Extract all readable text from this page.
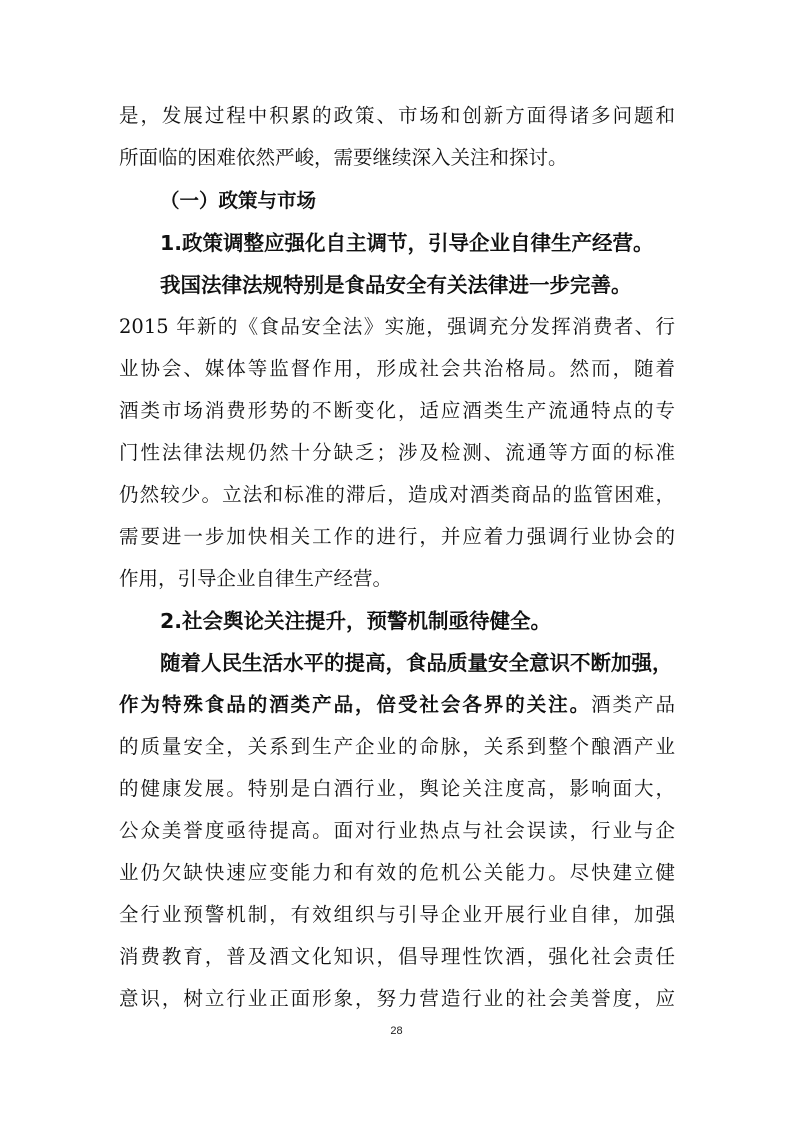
是，发展过程中积累的政策、市场和创新方面得诸多问题和
所面临的困难依然严峻，需要继续深入关注和探讨。
（一）政策与市场
1.政策调整应强化自主调节，引导企业自律生产经营。
我国法律法规特别是食品安全有关法律进一步完善。
2015 年新的《食品安全法》实施，强调充分发挥消费者、行
业协会、媒体等监督作用，形成社会共治格局。然而，随着
酒类市场消费形势的不断变化，适应酒类生产流通特点的专
门性法律法规仍然十分缺乏；涉及检测、流通等方面的标准
仍然较少。立法和标准的滞后，造成对酒类商品的监管困难，
需要进一步加快相关工作的进行，并应着力强调行业协会的
作用，引导企业自律生产经营。
2.社会舆论关注提升，预警机制亟待健全。
随着人民生活水平的提高，食品质量安全意识不断加强，
作为特殊食品的酒类产品，倍受社会各界的关注。酒类产品
的质量安全，关系到生产企业的命脉，关系到整个酿酒产业
的健康发展。特别是白酒行业，舆论关注度高，影响面大，
公众美誉度亟待提高。面对行业热点与社会误读，行业与企
业仍欠缺快速应变能力和有效的危机公关能力。尽快建立健
全行业预警机制，有效组织与引导企业开展行业自律，加强
消费教育，普及酒文化知识，倡导理性饮酒，强化社会责任
意识，树立行业正面形象，努力营造行业的社会美誉度，应
28
